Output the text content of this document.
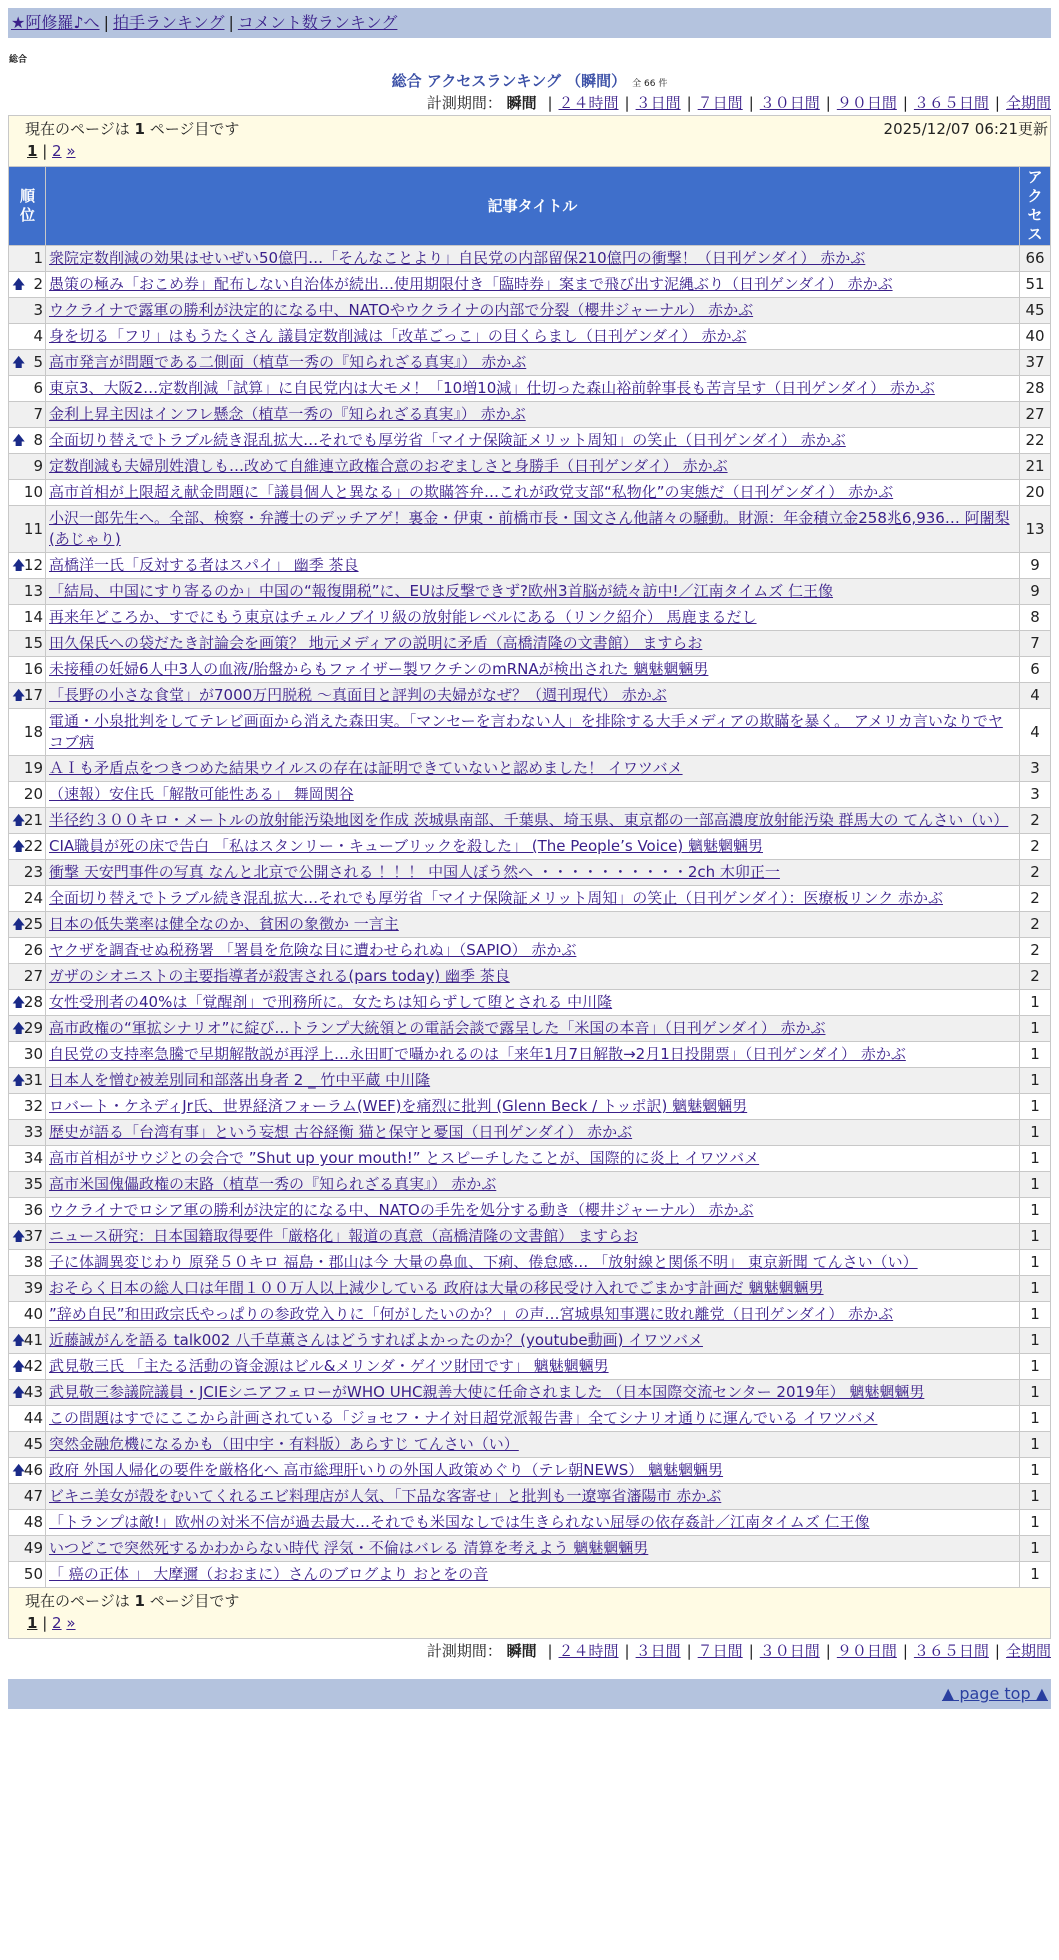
★阿修羅♪へ | 拍手ランキング | コメント数ランキング
総合
総合 アクセスランキング （瞬間） 全 66 件
計測期間： 瞬間 | ２４時間 | ３日間 | ７日間 | ３０日間 | ９０日間 | ３６５日間 | 全期間
現在のページは 1 ページ目です	2025/12/07 06:21更新
1 | 2 »
順位	記事タイトル	アクセス
1	衆院定数削減の効果はせいぜい50億円…「そんなことより」自民党の内部留保210億円の衝撃！（日刊ゲンダイ） 赤かぶ	66

🡅 2	愚策の極み「おこめ券」配布しない自治体が続出…使用期限付き「臨時券」案まで飛び出す泥縄ぶり（日刊ゲンダイ） 赤かぶ	51
3	ウクライナで露軍の勝利が決定的になる中、NATOやウクライナの内部で分裂（櫻井ジャーナル） 赤かぶ	45
4	身を切る「フリ」はもうたくさん 議員定数削減は「改革ごっこ」の目くらまし（日刊ゲンダイ） 赤かぶ	40

🡅 5	高市発言が問題である二側面（植草一秀の『知られざる真実』） 赤かぶ	37
6	東京3、大阪2…定数削減「試算」に自民党内は大モメ！「10増10減」仕切った森山裕前幹事長も苦言呈す（日刊ゲンダイ） 赤かぶ	28
7	金利上昇主因はインフレ懸念（植草一秀の『知られざる真実』） 赤かぶ	27

🡅 8	全面切り替えでトラブル続き混乱拡大…それでも厚労省「マイナ保険証メリット周知」の笑止（日刊ゲンダイ） 赤かぶ	22
9	定数削減も夫婦別姓潰しも…改めて自維連立政権合意のおぞましさと身勝手（日刊ゲンダイ） 赤かぶ	21
10	高市首相が上限超え献金問題に「議員個人と異なる」の欺瞞答弁…これが政党支部“私物化”の実態だ（日刊ゲンダイ） 赤かぶ	20
11	小沢一郎先生へ。全部、検察・弁護士のデッチアゲ！裏金・伊東・前橋市長・国文さん他諸々の騒動。財源：年金積立金258兆6,936… 阿闍梨(あじゃり)	13

🡅
12	高橋洋一氏「反対する者はスパイ」 幽季 茶良	9
13	「結局、中国にすり寄るのか」中国の“報復開税”に、EUは反撃できず?欧州3首脳が続々訪中!／江南タイムズ 仁王像	9
14	再来年どころか、すでにもう東京はチェルノブイリ級の放射能レベルにある（リンク紹介） 馬鹿まるだし	8
15	田久保氏への袋だたき討論会を画策？ 地元メディアの説明に矛盾（高橋清隆の文書館） ますらお	7
16	未接種の妊婦6人中3人の血液/胎盤からもファイザー製ワクチンのmRNAが検出された 魑魅魍魎男	6

🡅
17	「長野の小さな食堂」が7000万円脱税 ～真面目と評判の夫婦がなぜ？（週刊現代） 赤かぶ	4
18	電通・小泉批判をしてテレビ画面から消えた森田実。「マンセーを言わない人」を排除する大手メディアの欺瞞を暴く。 アメリカ言いなりでヤコブ病	4
19	ＡＩも矛盾点をつきつめた結果ウイルスの存在は証明できていないと認めました！ イワツバメ	3
20	（速報）安住氏「解散可能性ある」 舞岡関谷	3

🡅
21	半径约３００キロ・メートルの放射能汚染地図を作成 茨城県南部、千葉県、埼玉県、東京都の一部高濃度放射能汚染 群馬大の てんさい（い）	2

🡅
22	CIA職員が死の床で告白 「私はスタンリー・キューブリックを殺した」 (The People’s Voice) 魑魅魍魎男	2
23	衝撃 天安門事件の写真 なんと北京で公開される ！！！ 中国人ぼう然へ ・・・・・・・・・・2ch 木卯正一	2
24	全面切り替えでトラブル続き混乱拡大…それでも厚労省「マイナ保険証メリット周知」の笑止（日刊ゲンダイ）：医療板リンク 赤かぶ	2

🡅
25	日本の低失業率は健全なのか、貧困の象徴か 一言主	2
26	ヤクザを調査せぬ税務署 「署員を危険な目に遭わせられぬ」（SAPIO） 赤かぶ	2
27	ガザのシオニストの主要指導者が殺害される(pars today) 幽季 茶良	2

🡅
28	女性受刑者の40%は「覚醒剤」で刑務所に。女たちは知らずして堕とされる 中川隆	1

🡅
29	高市政権の“軍拡シナリオ”に綻び…トランプ大統領との電話会談で露呈した「米国の本音」（日刊ゲンダイ） 赤かぶ	1
30	自民党の支持率急騰で早期解散説が再浮上…永田町で囁かれるのは「来年1月7日解散→2月1日投開票」（日刊ゲンダイ） 赤かぶ	1

🡅
31	日本人を憎む被差別同和部落出身者 2 _ 竹中平蔵 中川隆	1
32	ロバート・ケネディJr氏、世界経済フォーラム(WEF)を痛烈に批判 (Glenn Beck / トッポ訳) 魑魅魍魎男	1
33	歴史が語る「台湾有事」という妄想 古谷経衡 猫と保守と憂国（日刊ゲンダイ） 赤かぶ	1
34	高市首相がサウジとの会合で ”Shut up your mouth!” とスピーチしたことが、国際的に炎上 イワツバメ	1
35	高市米国傀儡政権の末路（植草一秀の『知られざる真実』） 赤かぶ	1
36	ウクライナでロシア軍の勝利が決定的になる中、NATOの手先を処分する動き（櫻井ジャーナル） 赤かぶ	1

🡅
37	ニュース研究：日本国籍取得要件「厳格化」報道の真意（高橋清隆の文書館） ますらお	1
38	子に体調異変じわり 原発５０キロ 福島・郡山は今 大量の鼻血、下痢、倦怠感… 「放射線と関係不明」 東京新聞 てんさい（い）	1
39	おそらく日本の総人口は年間１００万人以上減少している 政府は大量の移民受け入れでごまかす計画だ 魑魅魍魎男	1
40	”辞め自民”和田政宗氏やっぱりの参政党入りに「何がしたいのか？」の声…宮城県知事選に敗れ離党（日刊ゲンダイ） 赤かぶ	1

🡅
41	近藤誠がんを語る talk002 八千草薫さんはどうすればよかったのか？(youtube動画) イワツバメ	1

🡅
42	武見敬三氏 「主たる活動の資金源はビル&メリンダ・ゲイツ財団です」 魑魅魍魎男	1

🡅
43	武見敬三参議院議員・JCIEシニアフェローがWHO UHC親善大使に任命されました （日本国際交流センター 2019年） 魑魅魍魎男	1
44	この問題はすでにここから計画されている「ジョセフ・ナイ対日超党派報告書」全てシナリオ通りに運んでいる イワツバメ	1
45	突然金融危機になるかも（田中宇・有料版）あらすじ てんさい（い）	1

🡅
46	政府 外国人帰化の要件を厳格化へ 高市総理肝いりの外国人政策めぐり（テレ朝NEWS） 魑魅魍魎男	1
47	ビキニ美女が殻をむいてくれるエビ料理店が人気、「下品な客寄せ」と批判も一遼寧省瀋陽市 赤かぶ	1
48	「トランプは敵!」欧州の対米不信が過去最大…それでも米国なしでは生きられない屈辱の依存姦計／江南タイムズ 仁王像	1
49	いつどこで突然死するかわからない時代 浮気・不倫はバレる 清算を考えよう 魑魅魍魎男	1
50	「 癌の正体 」 大摩邇（おおまに）さんのブログより おとをの音	1
現在のページは 1 ページ目です
1 | 2 »
計測期間： 瞬間 | ２４時間 | ３日間 | ７日間 | ３０日間 | ９０日間 | ３６５日間 | 全期間
▲ page top ▲
